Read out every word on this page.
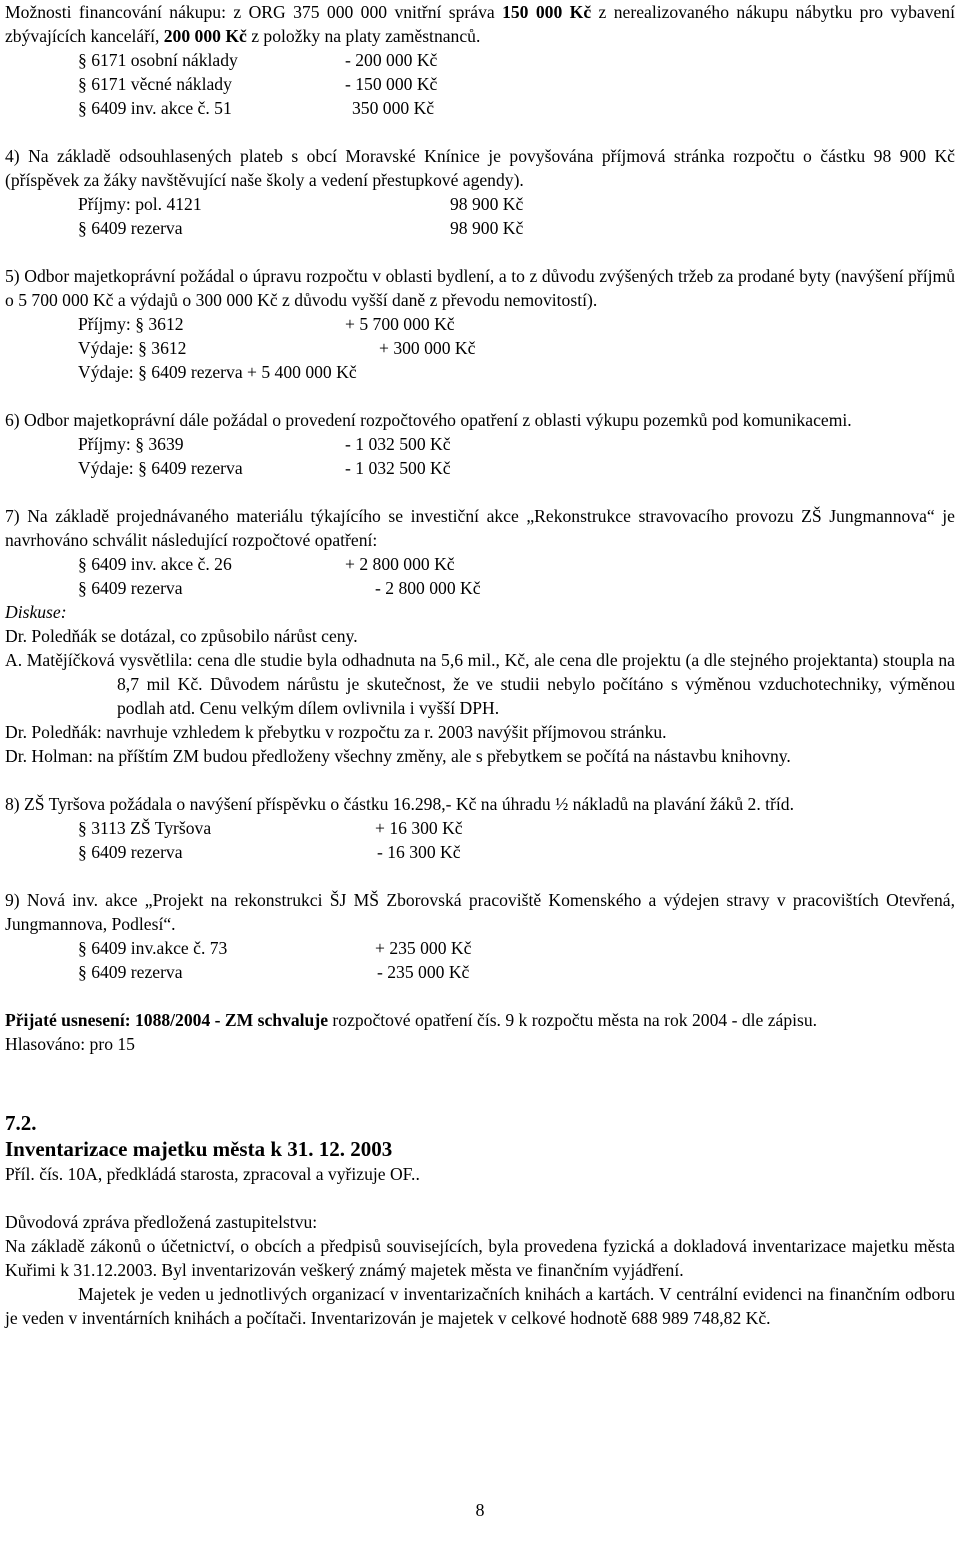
Možnosti financování nákupu: z ORG 375 000 000 vnitřní správa 150 000 Kč z nerealizovaného nákupu nábytku pro vybavení zbývajících kanceláří, 200 000 Kč z položky na platy zaměstnanců.

§ 6171 osobní náklady	- 200 000 Kč
§ 6171 věcné náklady	- 150 000 Kč
§ 6409 inv. akce č. 51	350 000 Kč

4) Na základě odsouhlasených plateb s obcí Moravské Knínice je povyšována příjmová stránka rozpočtu o částku 98 900 Kč (příspěvek za žáky navštěvující naše školy a vedení přestupkové agendy).

Příjmy: pol. 4121	98 900 Kč
§ 6409 rezerva	98 900 Kč

5) Odbor majetkoprávní požádal o úpravu rozpočtu v oblasti bydlení, a to z důvodu zvýšených tržeb za prodané byty (navýšení příjmů o 5 700 000 Kč a výdajů o 300 000 Kč z důvodu vyšší daně z převodu nemovitostí).

Příjmy: § 3612	+ 5 700 000 Kč
Výdaje: § 3612	+ 300 000 Kč
Výdaje: § 6409 rezerva + 5 400 000 Kč

6) Odbor majetkoprávní dále požádal o provedení rozpočtového opatření z oblasti výkupu pozemků pod komunikacemi.

Příjmy: § 3639	- 1 032 500 Kč
Výdaje: § 6409 rezerva	- 1 032 500 Kč

7) Na základě projednávaného materiálu týkajícího se investiční akce „Rekonstrukce stravovacího provozu ZŠ Jungmannova“ je navrhováno schválit následující rozpočtové opatření:

§ 6409 inv. akce č. 26	+ 2 800 000 Kč
§ 6409 rezerva	- 2 800 000 Kč

Diskuse:

Dr. Poledňák se dotázal, co způsobilo nárůst ceny.

A. Matějíčková vysvětlila: cena dle studie byla odhadnuta na 5,6 mil., Kč, ale cena dle projektu (a dle stejného projektanta) stoupla na 8,7 mil Kč. Důvodem nárůstu je skutečnost, že ve studii nebylo počítáno s výměnou vzduchotechniky, výměnou podlah atd. Cenu velkým dílem ovlivnila i vyšší DPH.

Dr. Poledňák: navrhuje vzhledem k přebytku v rozpočtu za r. 2003 navýšit příjmovou stránku.

Dr. Holman: na příštím ZM budou předloženy všechny změny, ale s přebytkem se počítá na nástavbu knihovny.

8) ZŠ Tyršova požádala o navýšení příspěvku o částku 16.298,- Kč na úhradu ½ nákladů na plavání žáků 2. tříd.

§ 3113 ZŠ Tyršova	+ 16 300 Kč
§ 6409 rezerva	- 16 300 Kč

9) Nová inv. akce „Projekt na rekonstrukci ŠJ MŠ Zborovská pracoviště Komenského a výdejen stravy v pracovištích Otevřená, Jungmannova, Podlesí“.

§ 6409 inv.akce č. 73	+ 235 000 Kč
§ 6409 rezerva	- 235 000 Kč

Přijaté usnesení: 1088/2004 - ZM schvaluje rozpočtové opatření čís. 9 k rozpočtu města na rok 2004 - dle zápisu.

Hlasováno: pro 15

7.2.

Inventarizace majetku města k 31. 12. 2003

Příl. čís. 10A, předkládá starosta, zpracoval a vyřizuje OF..

Důvodová zpráva předložená zastupitelstvu:

Na základě zákonů o účetnictví, o obcích a předpisů souvisejících, byla provedena fyzická a dokladová inventarizace majetku města Kuřimi k 31.12.2003. Byl inventarizován veškerý známý majetek města ve finančním vyjádření.

Majetek je veden u jednotlivých organizací v inventarizačních knihách a kartách. V centrální evidenci na finančním odboru je veden v inventárních knihách a počítači. Inventarizován je majetek v celkové hodnotě 688 989 748,82 Kč.

8
